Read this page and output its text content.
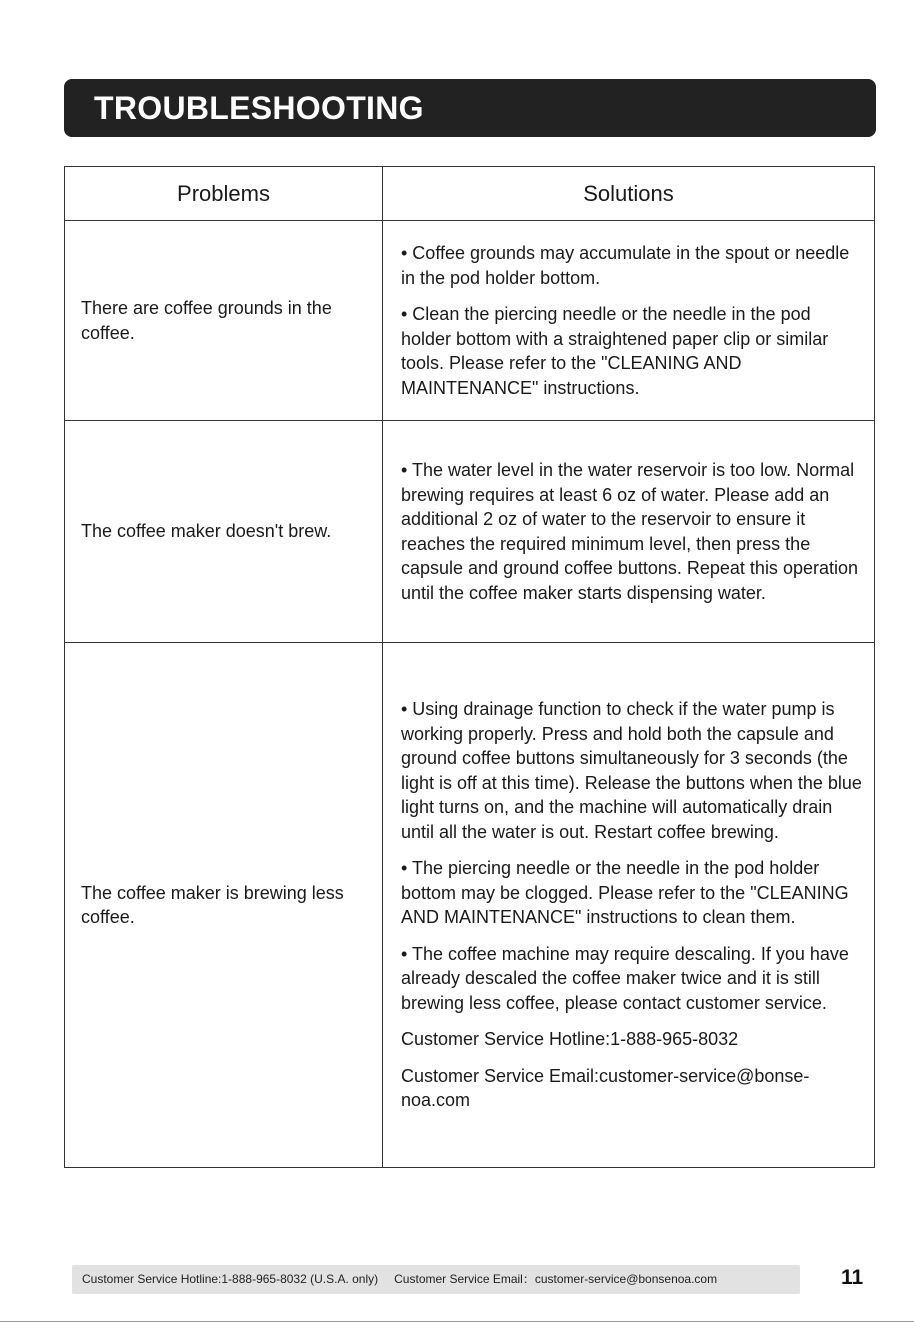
TROUBLESHOOTING
Problems	Solutions
There are coffee grounds in the coffee.	• Coffee grounds may accumulate in the spout or needle in the pod holder bottom.

• Clean the piercing needle or the needle in the pod holder bottom with a straightened paper clip or similar tools. Please refer to the "CLEANING AND MAINTENANCE" instructions.

The coffee maker doesn't brew.	• The water level in the water reservoir is too low. Normal brewing requires at least 6 oz of water. Please add an additional 2 oz of water to the reservoir to ensure it reaches the required minimum level, then press the capsule and ground coffee buttons. Repeat this operation until the coffee maker starts dispensing water.

The coffee maker is brewing less coffee.	• Using drainage function to check if the water pump is working properly. Press and hold both the capsule and ground coffee buttons simultaneously for 3 seconds (the light is off at this time). Release the buttons when the blue light turns on, and the machine will automatically drain until all the water is out. Restart coffee brewing.

• The piercing needle or the needle in the pod holder bottom may be clogged. Please refer to the "CLEANING AND MAINTENANCE" instructions to clean them.

• The coffee machine may require descaling. If you have already descaled the coffee maker twice and it is still brewing less coffee, please contact customer service.

Customer Service Hotline:1-888-965-8032

Customer Service Email:customer-service@bonse-noa.com

Customer Service Hotline:1-888-965-8032 (U.S.A. only) Customer Service Email：customer-service@bonsenoa.com	11
